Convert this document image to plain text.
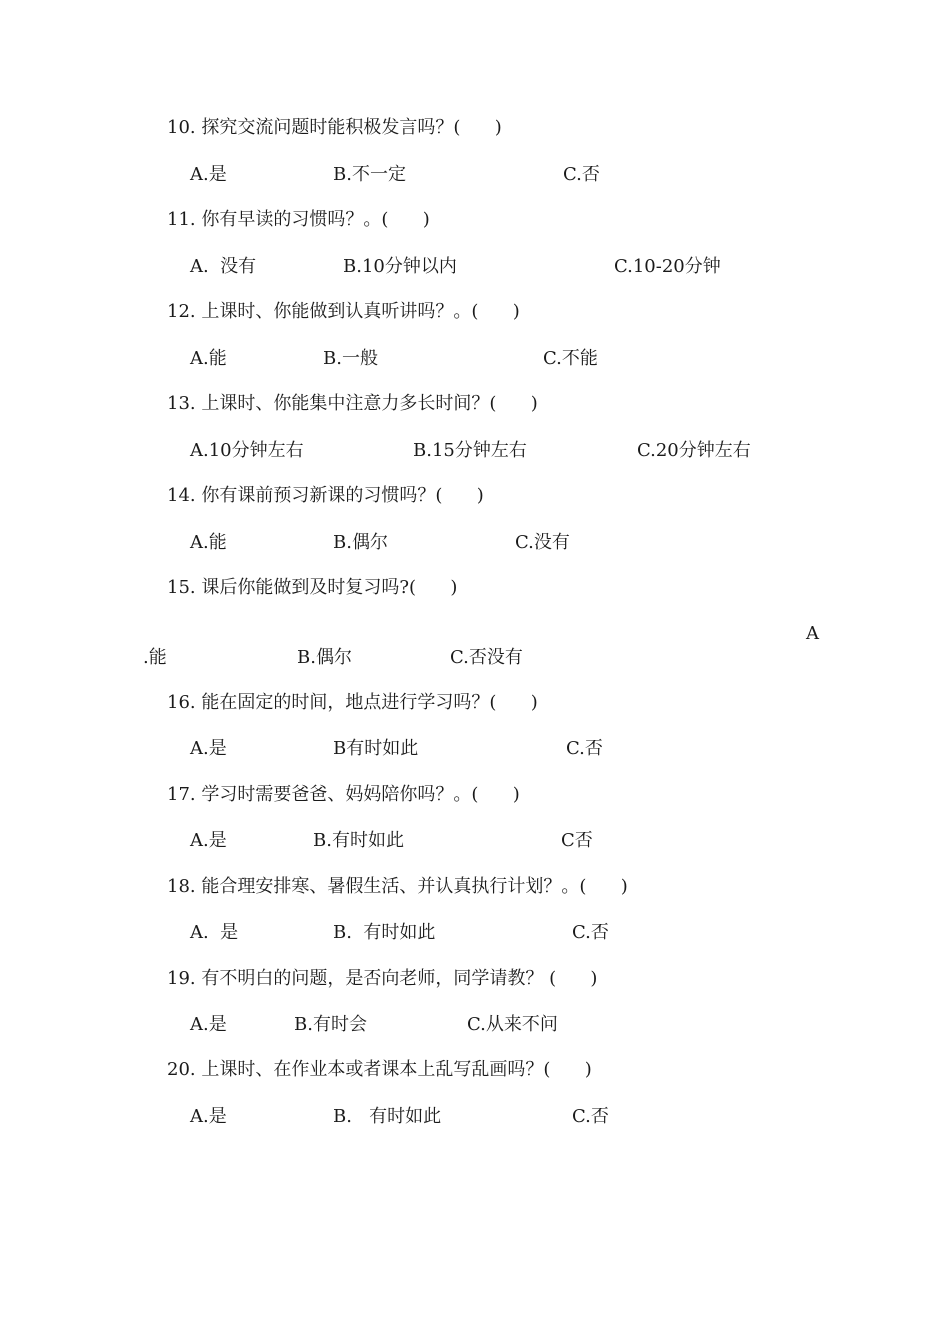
10. 探究交流问题时能积极发言吗？(      )
A.是	B.不一定	C.否
11. 你有早读的习惯吗？。(      )
A.  没有	B.10分钟以内	C.10-20分钟
12. 上课时、你能做到认真听讲吗？。(      )
A.能	B.一般	C.不能
13. 上课时、你能集中注意力多长时间？(      )
A.10分钟左右	B.15分钟左右	C.20分钟左右
14. 你有课前预习新课的习惯吗？(      )
A.能	B.偶尔	C.没有
15. 课后你能做到及时复习吗?(      )
A
.能	B.偶尔	C.否没有
16. 能在固定的时间，地点进行学习吗？(      )
A.是	B有时如此	C.否
17. 学习时需要爸爸、妈妈陪你吗？。(      )
A.是	B.有时如此	C否
18. 能合理安排寒、暑假生活、并认真执行计划？。(      )
A.  是	B.  有时如此	C.否
19. 有不明白的问题，是否向老师，同学请教？ (      )
A.是	B.有时会	C.从来不问
20. 上课时、在作业本或者课本上乱写乱画吗？(      )
A.是	B.   有时如此	C.否
